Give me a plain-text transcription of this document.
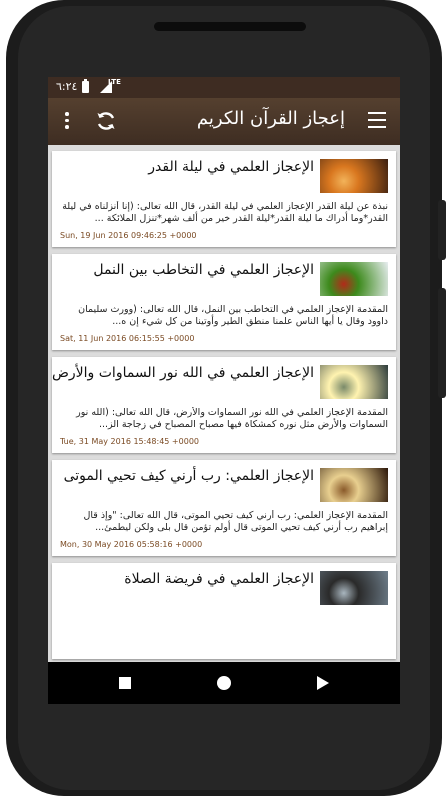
٦:٢٤	LTE
إعجاز القرآن الكريم
الإعجاز العلمي في ليلة القدر
نبذة عن ليلة القدر الإعجاز العلمي في ليلة القدر، قال الله تعالى: (إنا أنزلناه في ليلة القدر*وما أدراك ما ليلة القدر*ليلة القدر خير من ألف شهر*تنزل الملائكة ...
Sun, 19 Jun 2016 09:46:25 +0000
الإعجاز العلمي في التخاطب بين النمل
المقدمة الإعجاز العلمي في التخاطب بين النمل، قال الله تعالى: (وورث سليمان داوود وقال يا أيها الناس علمنا منطق الطير وأوتينا من كل شيء إن ه...
Sat, 11 Jun 2016 06:15:55 +0000
الإعجاز العلمي في الله نور السماوات والأرض
المقدمة الإعجاز العلمي في الله نور السماوات والأرض، قال الله تعالى: (الله نور السماوات والأرض مثل نوره كمشكاة فيها مصباح المصباح في زجاجة الز...
Tue, 31 May 2016 15:48:45 +0000
الإعجاز العلمي: رب أرني كيف تحيي الموتى
المقدمة الإعجاز العلمي: رب أرني كيف تحيي الموتى، قال الله تعالى: "وإذ قال إبراهيم رب أرني كيف تحيي الموتى قال أولم تؤمن قال بلى ولكن ليطمئ...
Mon, 30 May 2016 05:58:16 +0000
الإعجاز العلمي في فريضة الصلاة
